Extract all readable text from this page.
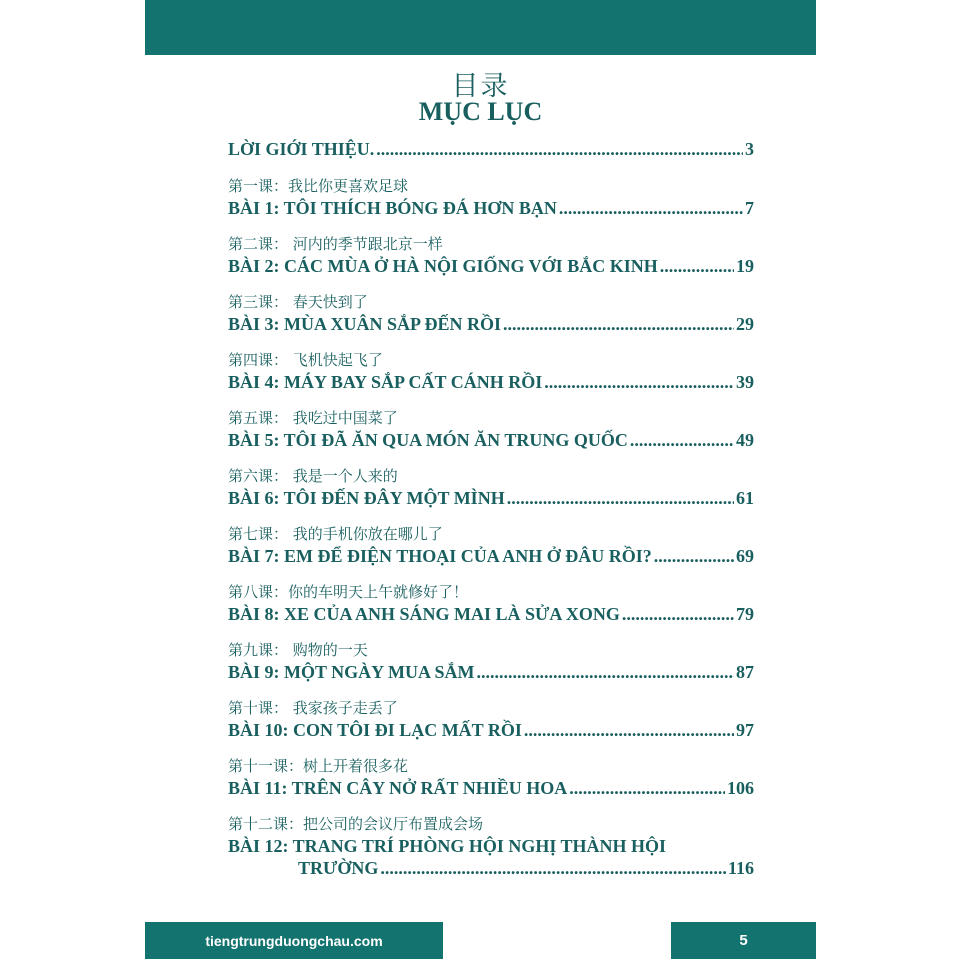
目录
MỤC LỤC
LỜI GIỚI THIỆU. .....	3
第一课：我比你更喜欢足球
BÀI 1: TÔI THÍCH BÓNG ĐÁ HƠN BẠN .....	7
第二课： 河内的季节跟北京一样
BÀI 2: CÁC MÙA Ở HÀ NỘI GIỐNG VỚI BẮC KINH .....	19
第三课： 春天快到了
BÀI 3: MÙA XUÂN SẮP ĐẾN RỒI .....	29
第四课： 飞机快起飞了
BÀI 4: MÁY BAY SẮP CẤT CÁNH RỒI .....	39
第五课： 我吃过中国菜了
BÀI 5: TÔI ĐÃ ĂN QUA MÓN ĂN TRUNG QUỐC .....	49
第六课： 我是一个人来的
BÀI 6: TÔI ĐẾN ĐÂY MỘT MÌNH .....	61
第七课： 我的手机你放在哪儿了
BÀI 7: EM ĐỂ ĐIỆN THOẠI CỦA ANH Ở ĐÂU RỒI? .....	69
第八课：你的车明天上午就修好了！
BÀI 8: XE CỦA ANH SÁNG MAI LÀ SỬA XONG .....	79
第九课： 购物的一天
BÀI 9: MỘT NGÀY MUA SẮM .....	87
第十课： 我家孩子走丢了
BÀI 10: CON TÔI ĐI LẠC MẤT RỒI .....	97
第十一课：树上开着很多花
BÀI 11: TRÊN CÂY NỞ RẤT NHIỀU HOA .....	106
第十二课：把公司的会议厅布置成会场
BÀI 12: TRANG TRÍ PHÒNG HỘI NGHỊ THÀNH HỘI
TRƯỜNG .....	116
tiengtrungduongchau.com	5
